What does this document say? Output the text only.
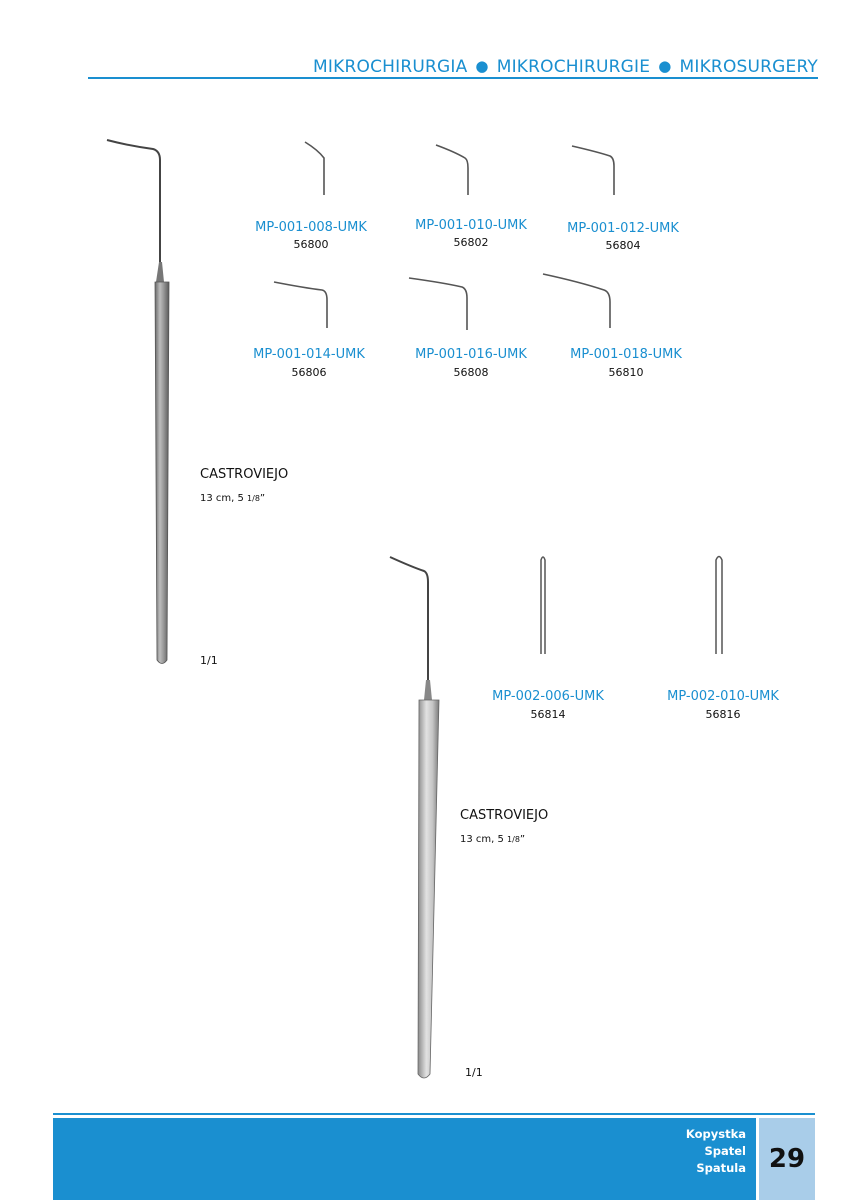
MIKROCHIRURGIA ● MIKROCHIRURGIE ● MIKROSURGERY
MP-001-008-UMK
56800
MP-001-010-UMK
56802
MP-001-012-UMK
56804
MP-001-014-UMK
56806
MP-001-016-UMK
56808
MP-001-018-UMK
56810
MP-002-006-UMK
56814
MP-002-010-UMK
56816
CASTROVIEJO
13 cm, 5 1/8”
1/1
CASTROVIEJO
13 cm, 5 1/8”
1/1
Kopystka
Spatel
Spatula 29
